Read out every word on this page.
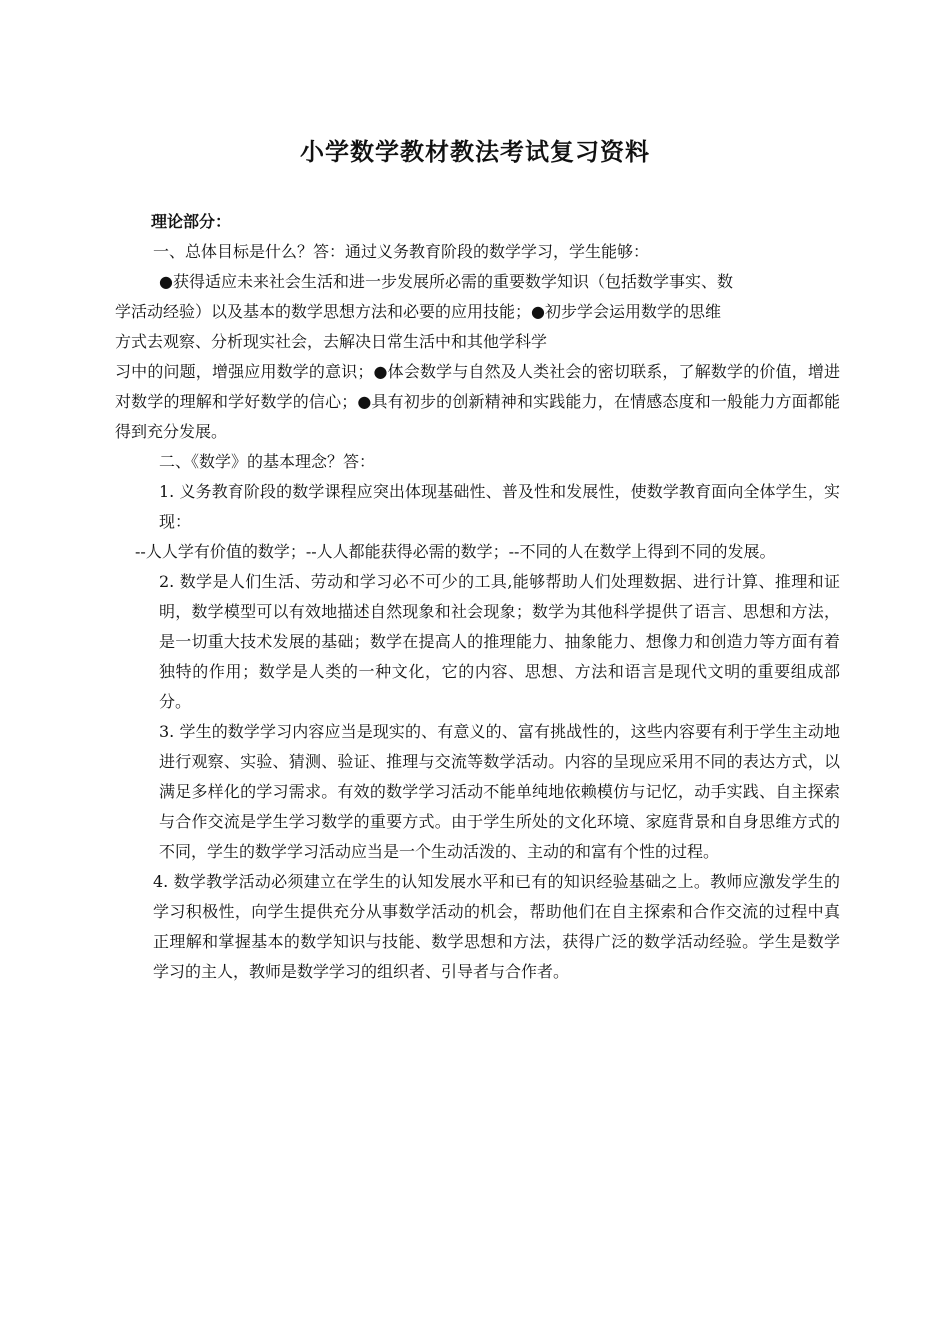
小学数学教材教法考试复习资料

理论部分：

一、总体目标是什么？答：通过义务教育阶段的数学学习，学生能够：

●获得适应未来社会生活和进一步发展所必需的重要数学知识（包括数学事实、数

学活动经验）以及基本的数学思想方法和必要的应用技能；●初步学会运用数学的思维

方式去观察、分析现实社会，去解决日常生活中和其他学科学

习中的问题，增强应用数学的意识；●体会数学与自然及人类社会的密切联系，了解数学的价值，增进对数学的理解和学好数学的信心；●具有初步的创新精神和实践能力，在情感态度和一般能力方面都能得到充分发展。

二、《数学》的基本理念？答：

1. 义务教育阶段的数学课程应突出体现基础性、普及性和发展性，使数学教育面向全体学生，实现：

--人人学有价值的数学；--人人都能获得必需的数学；--不同的人在数学上得到不同的发展。

2. 数学是人们生活、劳动和学习必不可少的工具,能够帮助人们处理数据、进行计算、推理和证明，数学模型可以有效地描述自然现象和社会现象；数学为其他科学提供了语言、思想和方法，是一切重大技术发展的基础；数学在提高人的推理能力、抽象能力、想像力和创造力等方面有着独特的作用；数学是人类的一种文化，它的内容、思想、方法和语言是现代文明的重要组成部分。

3. 学生的数学学习内容应当是现实的、有意义的、富有挑战性的，这些内容要有利于学生主动地进行观察、实验、猜测、验证、推理与交流等数学活动。内容的呈现应采用不同的表达方式，以满足多样化的学习需求。有效的数学学习活动不能单纯地依赖模仿与记忆，动手实践、自主探索与合作交流是学生学习数学的重要方式。由于学生所处的文化环境、家庭背景和自身思维方式的不同，学生的数学学习活动应当是一个生动活泼的、主动的和富有个性的过程。

4. 数学教学活动必须建立在学生的认知发展水平和已有的知识经验基础之上。教师应激发学生的学习积极性，向学生提供充分从事数学活动的机会，帮助他们在自主探索和合作交流的过程中真正理解和掌握基本的数学知识与技能、数学思想和方法，获得广泛的数学活动经验。学生是数学学习的主人，教师是数学学习的组织者、引导者与合作者。
